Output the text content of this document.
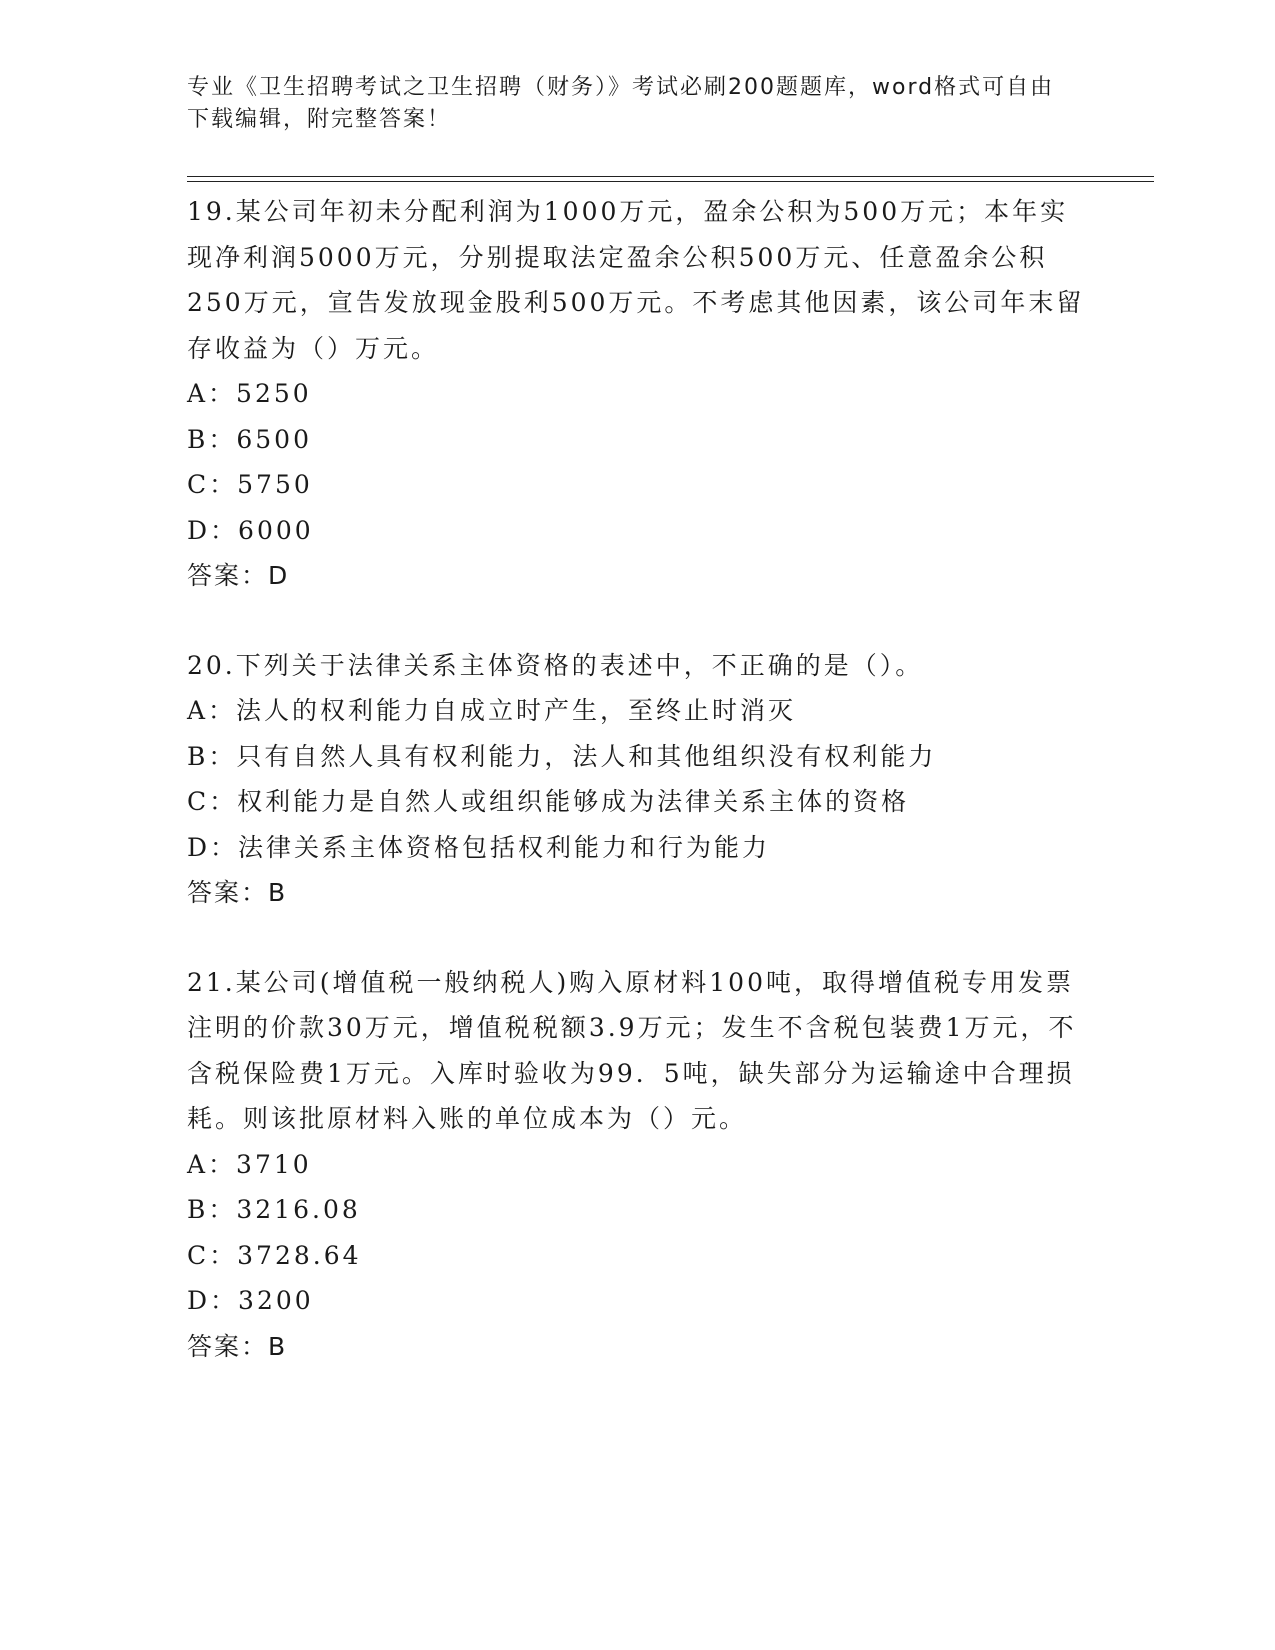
专业《卫生招聘考试之卫生招聘（财务）》考试必刷200题题库，word格式可自由下载编辑，附完整答案！
19.某公司年初未分配利润为1000万元，盈余公积为500万元；本年实现净利润5000万元，分别提取法定盈余公积500万元、任意盈余公积250万元，宣告发放现金股利500万元。不考虑其他因素，该公司年末留存收益为（）万元。
A：5250
B：6500
C：5750
D：6000
答案：D
20.下列关于法律关系主体资格的表述中，不正确的是（）。
A：法人的权利能力自成立时产生，至终止时消灭
B：只有自然人具有权利能力，法人和其他组织没有权利能力
C：权利能力是自然人或组织能够成为法律关系主体的资格
D：法律关系主体资格包括权利能力和行为能力
答案：B
21.某公司(增值税一般纳税人)购入原材料100吨，取得增值税专用发票注明的价款30万元，增值税税额3.9万元；发生不含税包装费1万元，不含税保险费1万元。入库时验收为99．5吨，缺失部分为运输途中合理损耗。则该批原材料入账的单位成本为（）元。
A：3710
B：3216.08
C：3728.64
D：3200
答案：B
